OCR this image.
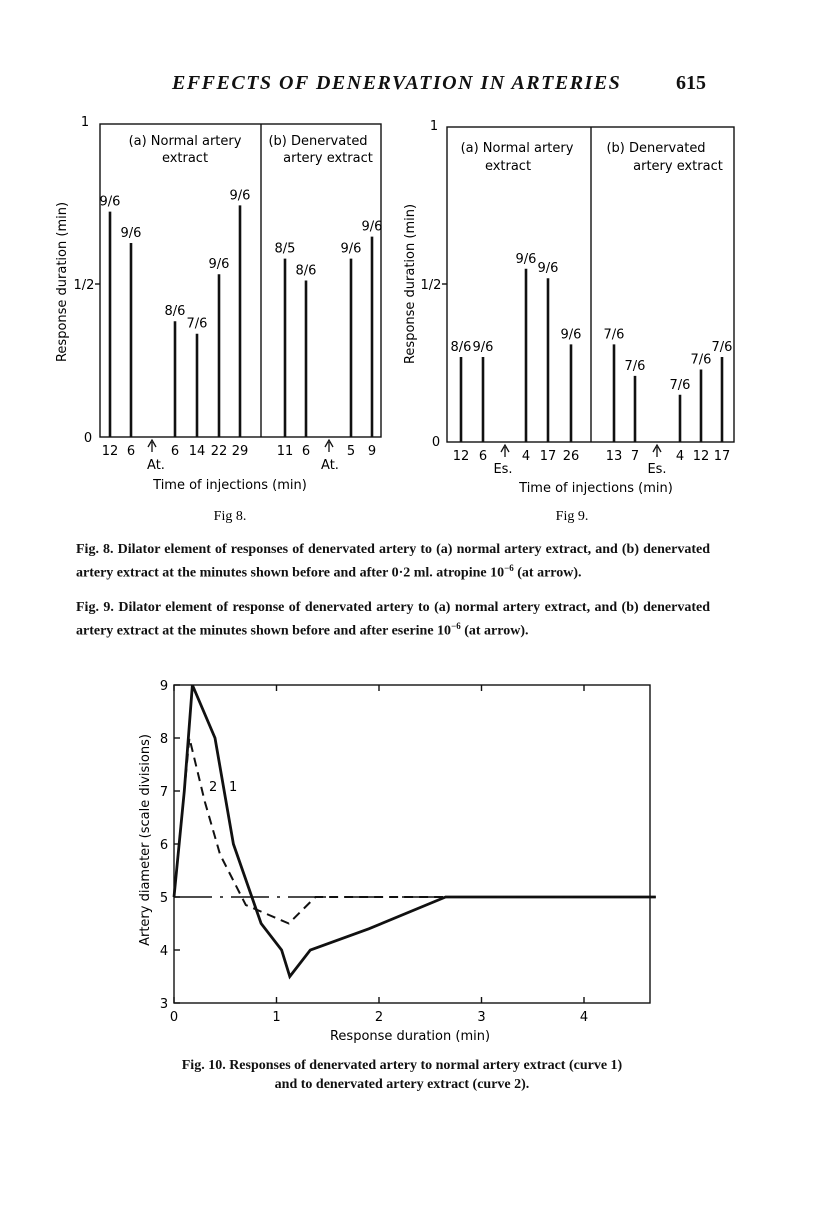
EFFECTS OF DENERVATION IN ARTERIES	615
1
1/2
0
Response duration (min)
(a) Normal artery
extract
(b) Denervated
artery extract
9/6
12
9/6
6
8/6
6
7/6
14
9/6
22
9/6
29
8/5
11
8/6
6
9/6
5
9/6
9
At.	At.
Time of injections (min)
1
1/2
0
Response duration (min)
(a) Normal artery
extract
(b) Denervated
artery extract
8/6
12
9/6
6
9/6
4
9/6
17
9/6
26
7/6
13
7/6
7
7/6
4
7/6
12
7/6
17
Es.	Es.
Time of injections (min)
Fig 8.	Fig 9.
0	1	2	3	4
3
4
5
6
7
8
9
2 1
Artery diameter (scale divisions)
Response duration (min)
Fig. 8. Dilator element of responses of denervated artery to (a) normal artery extract, and (b) denervated artery extract at the minutes shown before and after 0·2 ml. atropine $10^{-6}$ (at arrow).
Fig. 9. Dilator element of response of denervated artery to (a) normal artery extract, and (b) denervated artery extract at the minutes shown before and after eserine $10^{-6}$ (at arrow).
Fig. 10. Responses of denervated artery to normal artery extract (curve 1)
and to denervated artery extract (curve 2).
